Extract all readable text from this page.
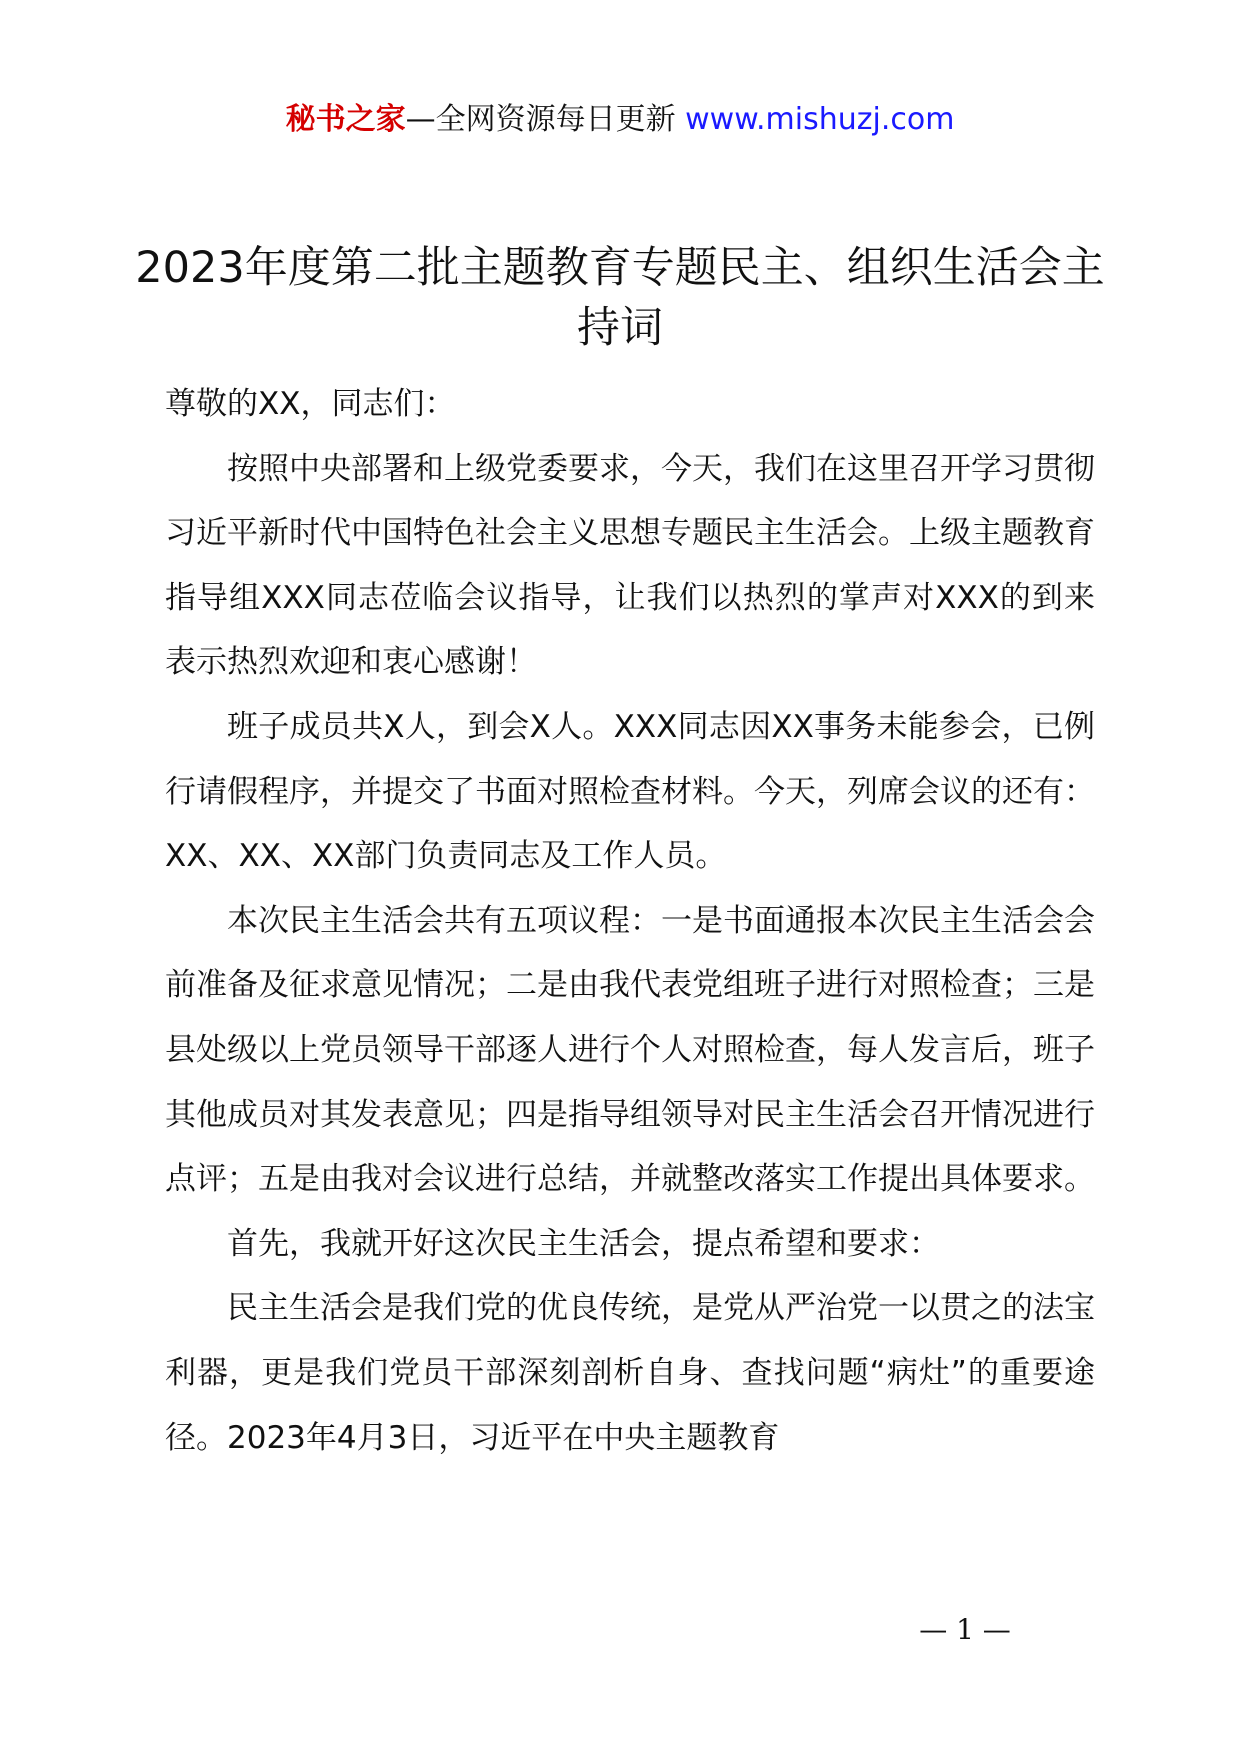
秘书之家—全网资源每日更新 www.mishuzj.com
2023年度第二批主题教育专题民主、组织生活会主持词

尊敬的XX，同志们：

按照中央部署和上级党委要求，今天，我们在这里召开学习贯彻习近平新时代中国特色社会主义思想专题民主生活会。上级主题教育指导组XXX同志莅临会议指导，让我们以热烈的掌声对XXX的到来表示热烈欢迎和衷心感谢！

班子成员共X人，到会X人。XXX同志因XX事务未能参会，已例行请假程序，并提交了书面对照检查材料。今天，列席会议的还有：XX、XX、XX部门负责同志及工作人员。

本次民主生活会共有五项议程：一是书面通报本次民主生活会会前准备及征求意见情况；二是由我代表党组班子进行对照检查；三是县处级以上党员领导干部逐人进行个人对照检查，每人发言后，班子其他成员对其发表意见；四是指导组领导对民主生活会召开情况进行点评；五是由我对会议进行总结，并就整改落实工作提出具体要求。

首先，我就开好这次民主生活会，提点希望和要求：

民主生活会是我们党的优良传统，是党从严治党一以贯之的法宝利器，更是我们党员干部深刻剖析自身、查找问题“病灶”的重要途径。2023年4月3日，习近平在中央主题教育

— 1 —
